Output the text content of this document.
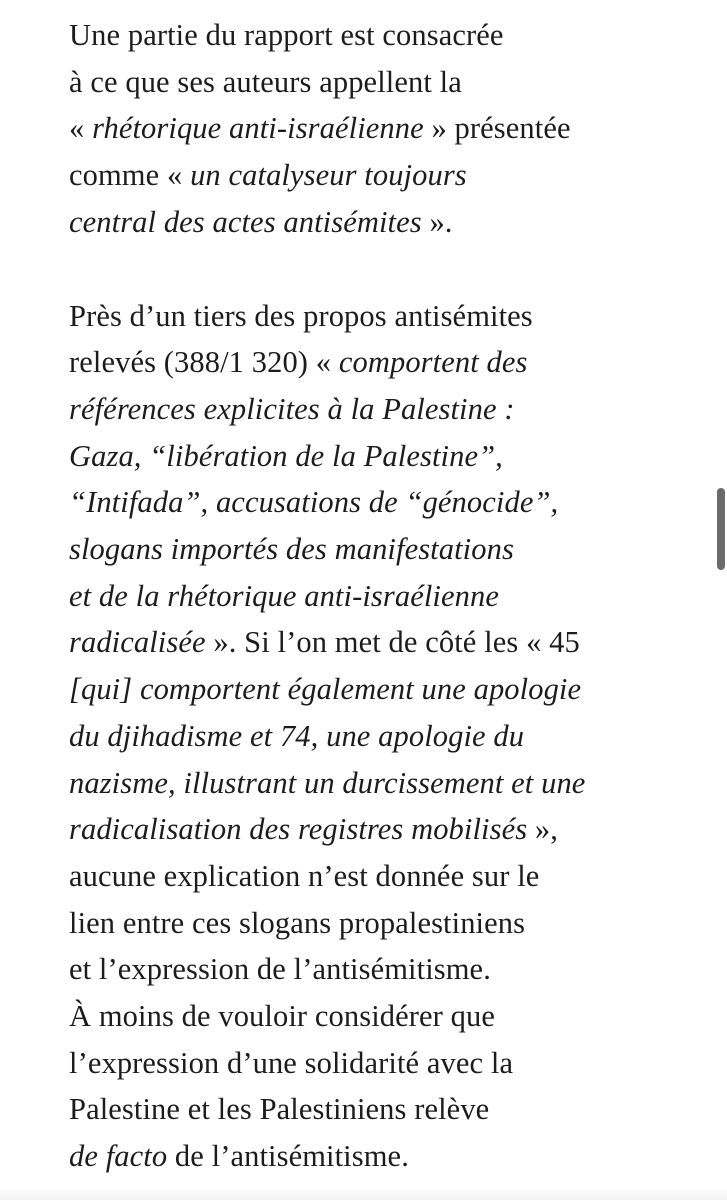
Une partie du rapport est consacrée
à ce que ses auteurs appellent la
« rhétorique anti-israélienne » présentée
comme « un catalyseur toujours
central des actes antisémites ».

Près d’un tiers des propos antisémites
relevés (388/1 320) « comportent des
références explicites à la Palestine :
Gaza, “libération de la Palestine”,
“Intifada”, accusations de “génocide”,
slogans importés des manifestations
et de la rhétorique anti-israélienne
radicalisée ». Si l’on met de côté les « 45
[qui] comportent également une apologie
du djihadisme et 74, une apologie du
nazisme, illustrant un durcissement et une
radicalisation des registres mobilisés »,
aucune explication n’est donnée sur le
lien entre ces slogans propalestiniens
et l’expression de l’antisémitisme.
À moins de vouloir considérer que
l’expression d’une solidarité avec la
Palestine et les Palestiniens relève
de facto de l’antisémitisme.
